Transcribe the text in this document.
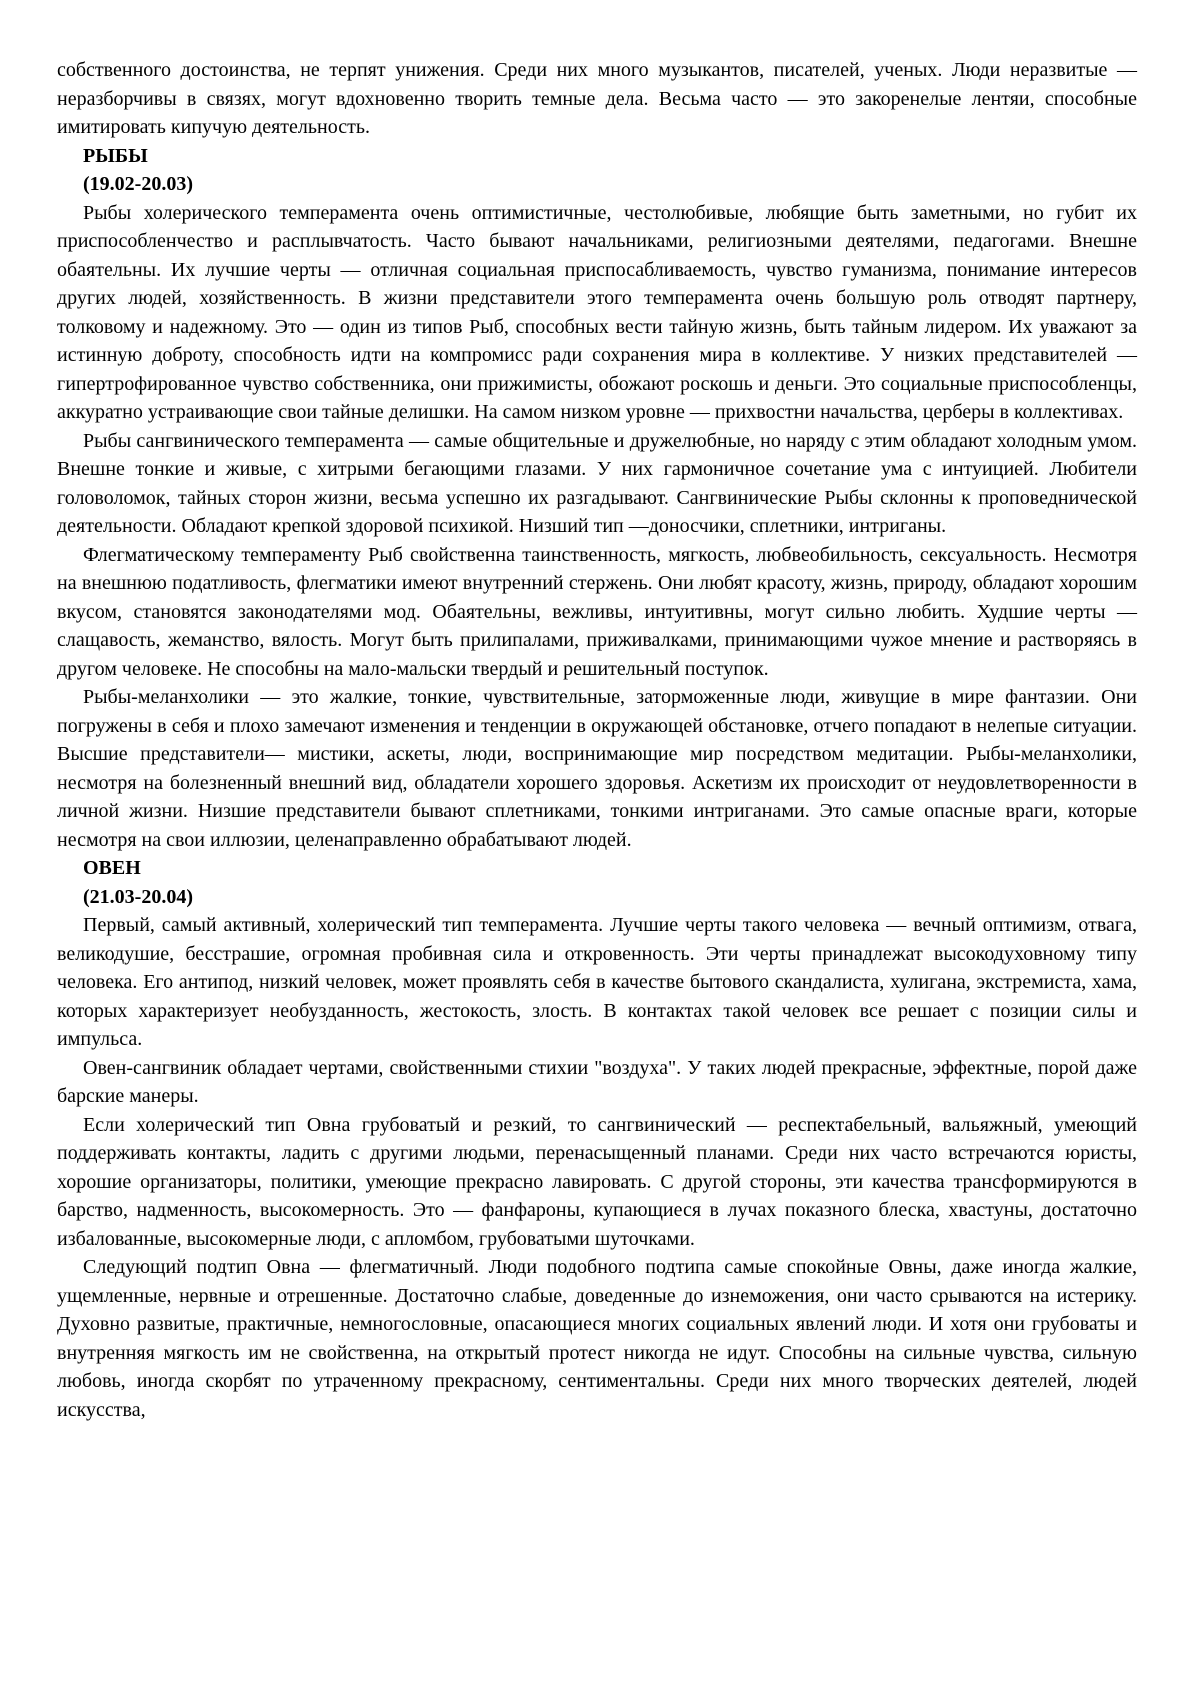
собственного достоинства, не терпят унижения. Среди них много музыкантов, писателей, ученых. Люди неразвитые — неразборчивы в связях, могут вдохновенно творить темные дела. Весьма часто — это закоренелые лентяи, способные имитировать кипучую деятельность.

РЫБЫ
(19.02-20.03)

Рыбы холерического темперамента очень оптимистичные, честолюбивые, любящие быть заметными, но губит их приспособленчество и расплывчатость. Часто бывают начальниками, религиозными деятелями, педагогами. Внешне обаятельны. Их лучшие черты — отличная социальная приспосабливаемость, чувство гуманизма, понимание интересов других людей, хозяйственность. В жизни представители этого темперамента очень большую роль отводят партнеру, толковому и надежному. Это — один из типов Рыб, способных вести тайную жизнь, быть тайным лидером. Их уважают за истинную доброту, способность идти на компромисс ради сохранения мира в коллективе. У низких представителей —гипертрофированное чувство собственника, они прижимисты, обожают роскошь и деньги. Это социальные приспособленцы, аккуратно устраивающие свои тайные делишки. На самом низком уровне — прихвостни начальства, церберы в коллективах.

Рыбы сангвинического темперамента — самые общительные и дружелюбные, но наряду с этим обладают холодным умом. Внешне тонкие и живые, с хитрыми бегающими глазами. У них гармоничное сочетание ума с интуицией. Любители головоломок, тайных сторон жизни, весьма успешно их разгадывают. Сангвинические Рыбы склонны к проповеднической деятельности. Обладают крепкой здоровой психикой. Низший тип —доносчики, сплетники, интриганы.

Флегматическому темпераменту Рыб свойственна таинственность, мягкость, любвеобильность, сексуальность. Несмотря на внешнюю податливость, флегматики имеют внутренний стержень. Они любят красоту, жизнь, природу, обладают хорошим вкусом, становятся законодателями мод. Обаятельны, вежливы, интуитивны, могут сильно любить. Худшие черты — слащавость, жеманство, вялость. Могут быть прилипалами, приживалками, принимающими чужое мнение и растворяясь в другом человеке. Не способны на мало-мальски твердый и решительный поступок.

Рыбы-меланхолики — это жалкие, тонкие, чувствительные, заторможенные люди, живущие в мире фантазии. Они погружены в себя и плохо замечают изменения и тенденции в окружающей обстановке, отчего попадают в нелепые ситуации. Высшие представители— мистики, аскеты, люди, воспринимающие мир посредством медитации. Рыбы-меланхолики, несмотря на болезненный внешний вид, обладатели хорошего здоровья. Аскетизм их происходит от неудовлетворенности в личной жизни. Низшие представители бывают сплетниками, тонкими интриганами. Это самые опасные враги, которые несмотря на свои иллюзии, целенаправленно обрабатывают людей.

ОВЕН
(21.03-20.04)

Первый, самый активный, холерический тип темперамента. Лучшие черты такого человека — вечный оптимизм, отвага, великодушие, бесстрашие, огромная пробивная сила и откровенность. Эти черты принадлежат высокодуховному типу человека. Его антипод, низкий человек, может проявлять себя в качестве бытового скандалиста, хулигана, экстремиста, хама, которых характеризует необузданность, жестокость, злость. В контактах такой человек все решает с позиции силы и импульса.

Овен-сангвиник обладает чертами, свойственными стихии "воздуха". У таких людей прекрасные, эффектные, порой даже барские манеры.

Если холерический тип Овна грубоватый и резкий, то сангвинический — респектабельный, вальяжный, умеющий поддерживать контакты, ладить с другими людьми, перенасыщенный планами. Среди них часто встречаются юристы, хорошие организаторы, политики, умеющие прекрасно лавировать. С другой стороны, эти качества трансформируются в барство, надменность, высокомерность. Это — фанфароны, купающиеся в лучах показного блеска, хвастуны, достаточно избалованные, высокомерные люди, с апломбом, грубоватыми шуточками.

Следующий подтип Овна — флегматичный. Люди подобного подтипа самые спокойные Овны, даже иногда жалкие, ущемленные, нервные и отрешенные. Достаточно слабые, доведенные до изнеможения, они часто срываются на истерику. Духовно развитые, практичные, немногословные, опасающиеся многих социальных явлений люди. И хотя они грубоваты и внутренняя мягкость им не свойственна, на открытый протест никогда не идут. Способны на сильные чувства, сильную любовь, иногда скорбят по утраченному прекрасному, сентиментальны. Среди них много творческих деятелей, людей искусства,
